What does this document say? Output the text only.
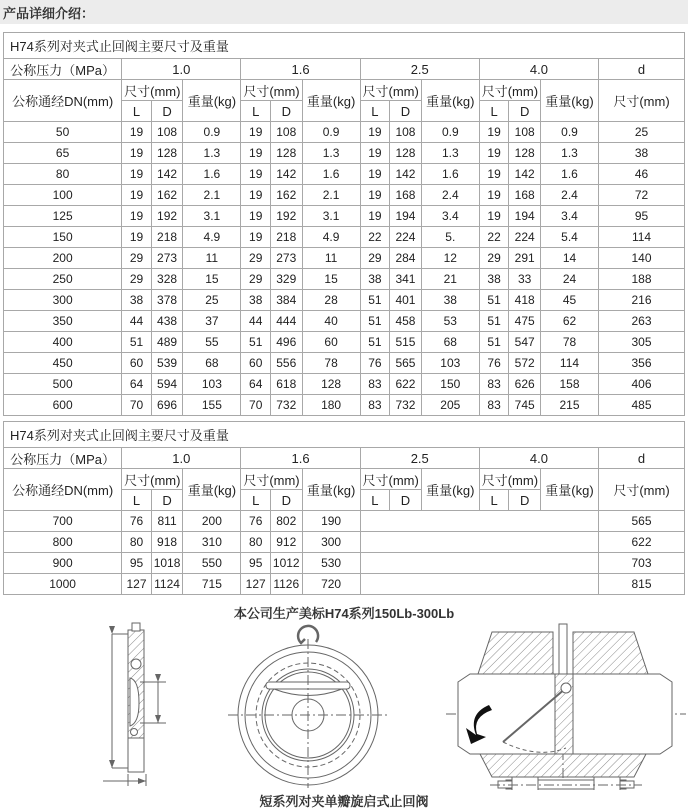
产品详细介绍：
H74系列对夹式止回阀主要尺寸及重量													
公称压力（MPa）	1.0			1.6			2.5			4.0			d
公称通经DN(mm)	尺寸(mm)		重量(kg)	尺寸(mm)		重量(kg)	尺寸(mm)		重量(kg)	尺寸(mm)		重量(kg)	尺寸(mm)
	L	D		L	D		L	D		L	D		
50	19	108	0.9	19	108	0.9	19	108	0.9	19	108	0.9	25
65	19	128	1.3	19	128	1.3	19	128	1.3	19	128	1.3	38
80	19	142	1.6	19	142	1.6	19	142	1.6	19	142	1.6	46
100	19	162	2.1	19	162	2.1	19	168	2.4	19	168	2.4	72
125	19	192	3.1	19	192	3.1	19	194	3.4	19	194	3.4	95
150	19	218	4.9	19	218	4.9	22	224	5.	22	224	5.4	114
200	29	273	11	29	273	11	29	284	12	29	291	14	140
250	29	328	15	29	329	15	38	341	21	38	33	24	188
300	38	378	25	38	384	28	51	401	38	51	418	45	216
350	44	438	37	44	444	40	51	458	53	51	475	62	263
400	51	489	55	51	496	60	51	515	68	51	547	78	305
450	60	539	68	60	556	78	76	565	103	76	572	114	356
500	64	594	103	64	618	128	83	622	150	83	626	158	406
600	70	696	155	70	732	180	83	732	205	83	745	215	485
H74系列对夹式止回阀主要尺寸及重量													
公称压力（MPa）	1.0			1.6			2.5			4.0			d
公称通经DN(mm)	尺寸(mm)		重量(kg)	尺寸(mm)		重量(kg)	尺寸(mm)		重量(kg)	尺寸(mm)		重量(kg)	尺寸(mm)
	L	D		L	D		L	D		L	D		
700	76	811	200	76	802	190							565
800	80	918	310	80	912	300							622
900	95	1018	550	95	1012	530							703
1000	127	1124	715	127	1126	720							815
本公司生产美标H74系列150Lb-300Lb
短系列对夹单瓣旋启式止回阀
